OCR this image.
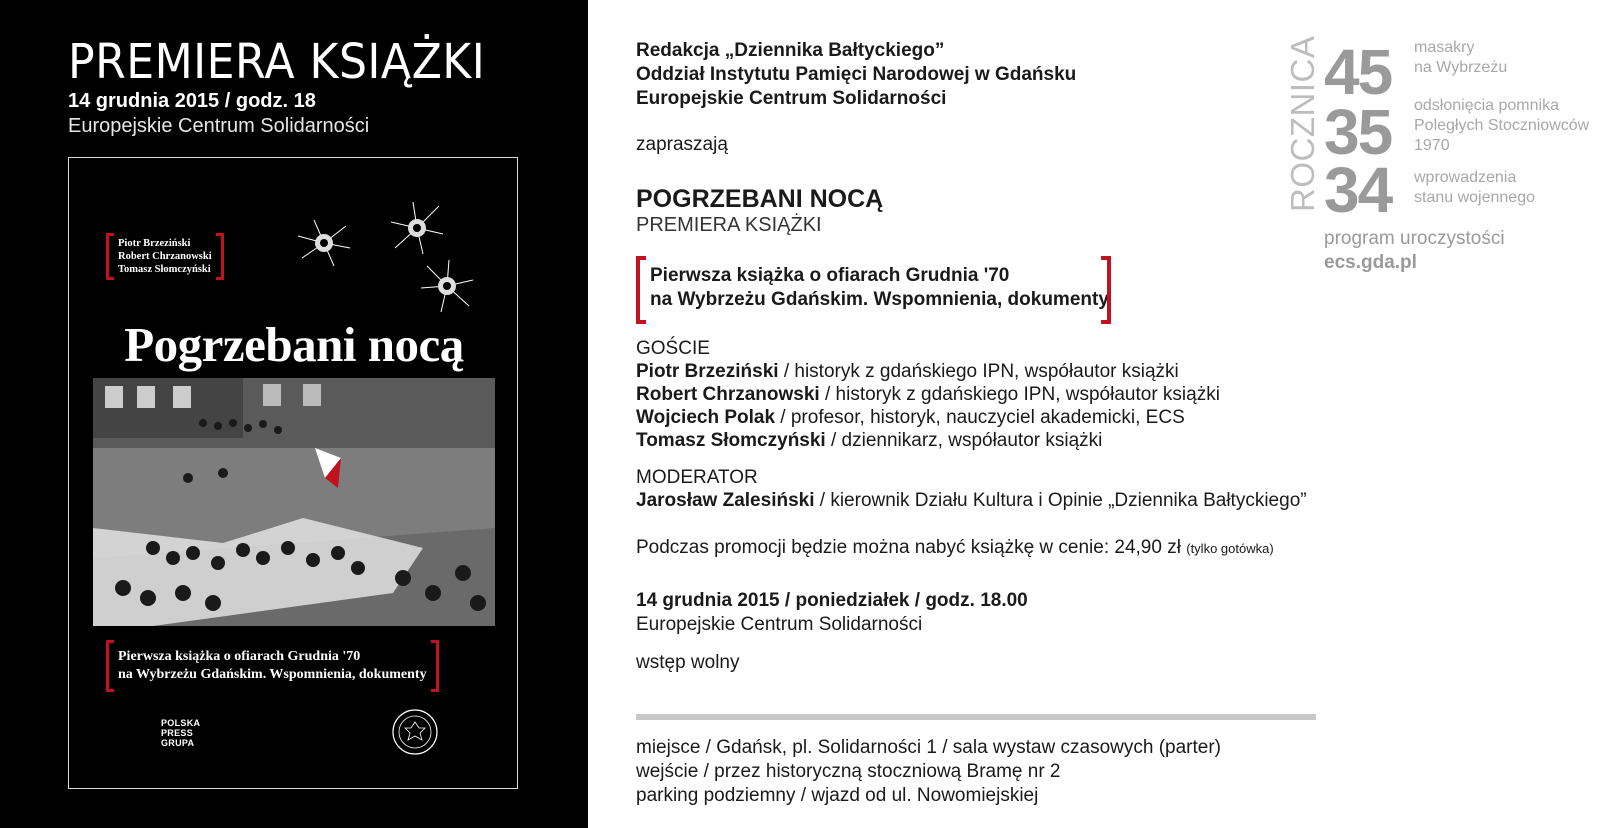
PREMIERA KSIĄŻKI
14 grudnia 2015 / godz. 18
Europejskie Centrum Solidarności
Piotr Brzeziński
Robert Chrzanowski
Tomasz Słomczyński
Pogrzebani nocą
Pierwsza książka o ofiarach Grudnia '70
na Wybrzeżu Gdańskim. Wspomnienia, dokumenty
POLSKA
PRESS
GRUPA
Redakcja „Dziennika Bałtyckiego”
Oddział Instytutu Pamięci Narodowej w Gdańsku
Europejskie Centrum Solidarności
zapraszają
POGRZEBANI NOCĄ
PREMIERA KSIĄŻKI
Pierwsza książka o ofiarach Grudnia '70
na Wybrzeżu Gdańskim. Wspomnienia, dokumenty
GOŚCIE
Piotr Brzeziński / historyk z gdańskiego IPN, współautor książki
Robert Chrzanowski / historyk z gdańskiego IPN, współautor książki
Wojciech Polak / profesor, historyk, nauczyciel akademicki, ECS
Tomasz Słomczyński / dziennikarz, współautor książki
MODERATOR
Jarosław Zalesiński / kierownik Działu Kultura i Opinie „Dziennika Bałtyckiego”
Podczas promocji będzie można nabyć książkę w cenie: 24,90 zł (tylko gotówka)
14 grudnia 2015 / poniedziałek / godz. 18.00
Europejskie Centrum Solidarności
wstęp wolny
miejsce / Gdańsk, pl. Solidarności 1 / sala wystaw czasowych (parter)
wejście / przez historyczną stoczniową Bramę nr 2
parking podziemny / wjazd od ul. Nowomiejskiej
ROCZNICA 45 masakry
na Wybrzeżu
35 odsłonięcia pomnika
Poległych Stoczniowców
1970
34 wprowadzenia
stanu wojennego
program uroczystości
ecs.gda.pl
